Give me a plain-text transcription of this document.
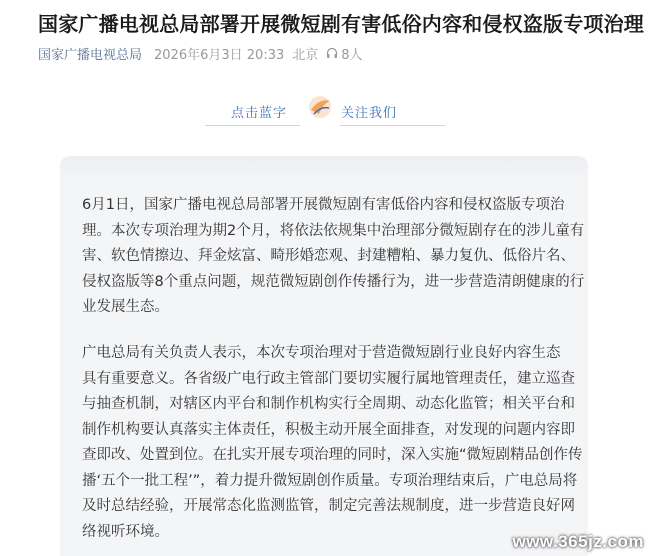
国家广播电视总局部署开展微短剧有害低俗内容和侵权盗版专项治理
国家广播电视总局 2026年6月3日 20:33 北京 8人
点击蓝字	关注我们
6月1日，国家广播电视总局部署开展微短剧有害低俗内容和侵权盗版专项治
理。本次专项治理为期2个月，将依法依规集中治理部分微短剧存在的涉儿童有
害、软色情擦边、拜金炫富、畸形婚恋观、封建糟粕、暴力复仇、低俗片名、
侵权盗版等8个重点问题，规范微短剧创作传播行为，进一步营造清朗健康的行
业发展生态。
广电总局有关负责人表示，本次专项治理对于营造微短剧行业良好内容生态
具有重要意义。各省级广电行政主管部门要切实履行属地管理责任，建立巡查
与抽查机制，对辖区内平台和制作机构实行全周期、动态化监管；相关平台和
制作机构要认真落实主体责任，积极主动开展全面排查，对发现的问题内容即
查即改、处置到位。在扎实开展专项治理的同时，深入实施“微短剧精品创作传
播‘五个一批工程’”，着力提升微短剧创作质量。专项治理结束后，广电总局将
及时总结经验，开展常态化监测监管，制定完善法规制度，进一步营造良好网
络视听环境。
www.365jz.com
